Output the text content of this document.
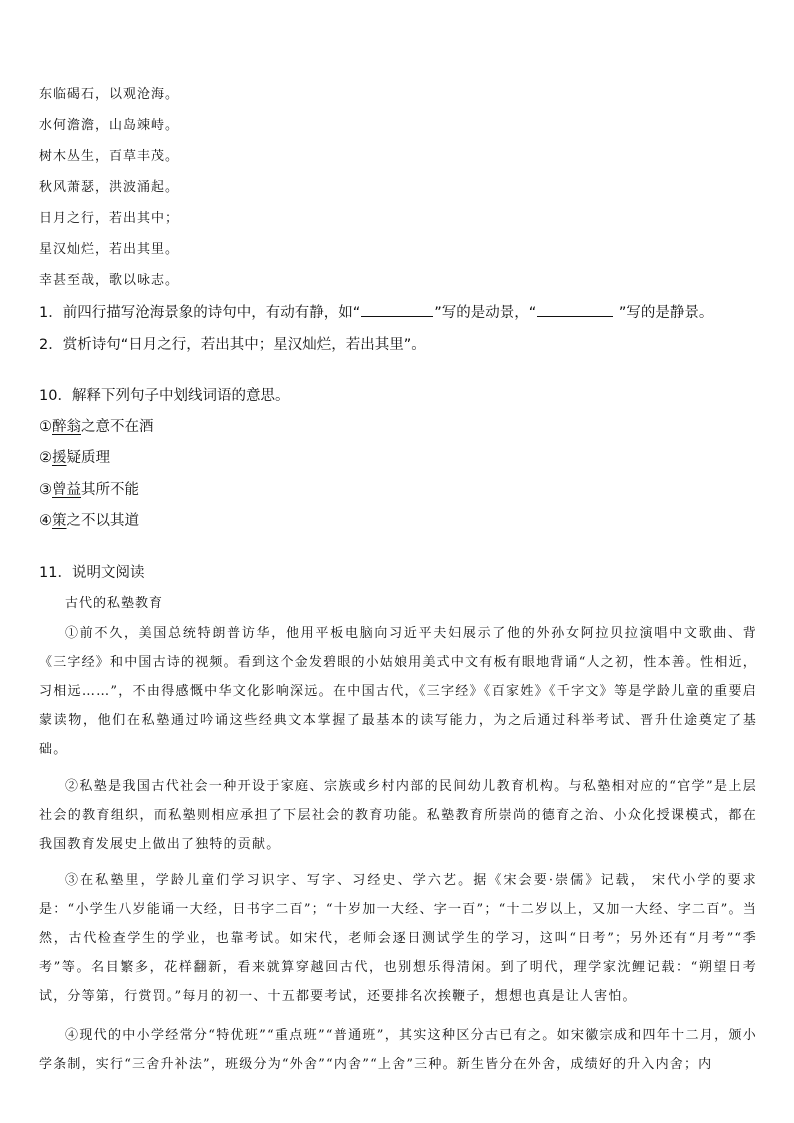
东临碣石，以观沧海。
水何澹澹，山岛竦峙。
树木丛生，百草丰茂。
秋风萧瑟，洪波涌起。
日月之行，若出其中；
星汉灿烂，若出其里。
幸甚至哉，歌以咏志。
1．前四行描写沧海景象的诗句中，有动有静，如“	”写的是动景，“	”写的是静景。
2．赏析诗句“日月之行，若出其中；星汉灿烂，若出其里”。
10．解释下列句子中划线词语的意思。
①醉翁之意不在酒
②援疑质理
③曾益其所不能
④策之不以其道
11．说明文阅读
古代的私塾教育

①前不久，美国总统特朗普访华，他用平板电脑向习近平夫妇展示了他的外孙女阿拉贝拉演唱中文歌曲、背《三字经》和中国古诗的视频。看到这个金发碧眼的小姑娘用美式中文有板有眼地背诵“人之初，性本善。性相近，习相远……”，不由得感慨中华文化影响深远。在中国古代，《三字经》《百家姓》《千字文》等是学龄儿童的重要启蒙读物，他们在私塾通过吟诵这些经典文本掌握了最基本的读写能力，为之后通过科举考试、晋升仕途奠定了基础。

②私塾是我国古代社会一种开设于家庭、宗族或乡村内部的民间幼儿教育机构。与私塾相对应的“官学”是上层社会的教育组织，而私塾则相应承担了下层社会的教育功能。私塾教育所崇尚的德育之治、小众化授课模式，都在我国教育发展史上做出了独特的贡献。

③在私塾里，学龄儿童们学习识字、写字、习经史、学六艺。据《宋会要·崇儒》记载， 宋代小学的要求是：“小学生八岁能诵一大经，日书字二百”；“十岁加一大经、字一百”；“十二岁以上，又加一大经、字二百”。当然，古代检查学生的学业，也靠考试。如宋代，老师会逐日测试学生的学习，这叫“日考”；另外还有“月考”“季考”等。名目繁多，花样翻新，看来就算穿越回古代，也别想乐得清闲。到了明代，理学家沈鲤记载：“朔望日考试，分等第，行赏罚。”每月的初一、十五都要考试，还要排名次挨鞭子，想想也真是让人害怕。

④现代的中小学经常分“特优班”“重点班”“普通班”，其实这种区分古已有之。如宋徽宗成和四年十二月，颁小学条制，实行“三舍升补法”，班级分为“外舍”“内舍”“上舍”三种。新生皆分在外舍，成绩好的升入内舍；内
